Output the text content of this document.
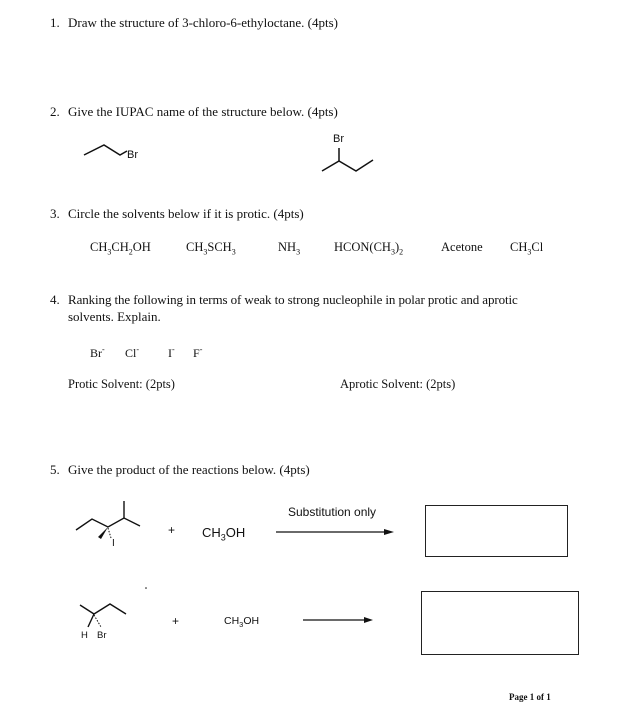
1. Draw the structure of 3-chloro-6-ethyloctane. (4pts)
2. Give the IUPAC name of the structure below. (4pts)
Br
Br
3. Circle the solvents below if it is protic. (4pts)
$CH_3CH_2OH$	$CH_3SCH_3$	$NH_3$	$HCON(CH_3)_2$	Acetone $CH_3Cl$
4. Ranking the following in terms of weak to strong nucleophile in polar protic and aprotic
solvents. Explain.
Br- Cl- I- F-
Protic Solvent: (2pts)	Aprotic Solvent: (2pts)
5. Give the product of the reactions below. (4pts)
I
+ $CH_3OH$
Substitution only
H Br
+	$CH_3OH$
Page 1 of 1
